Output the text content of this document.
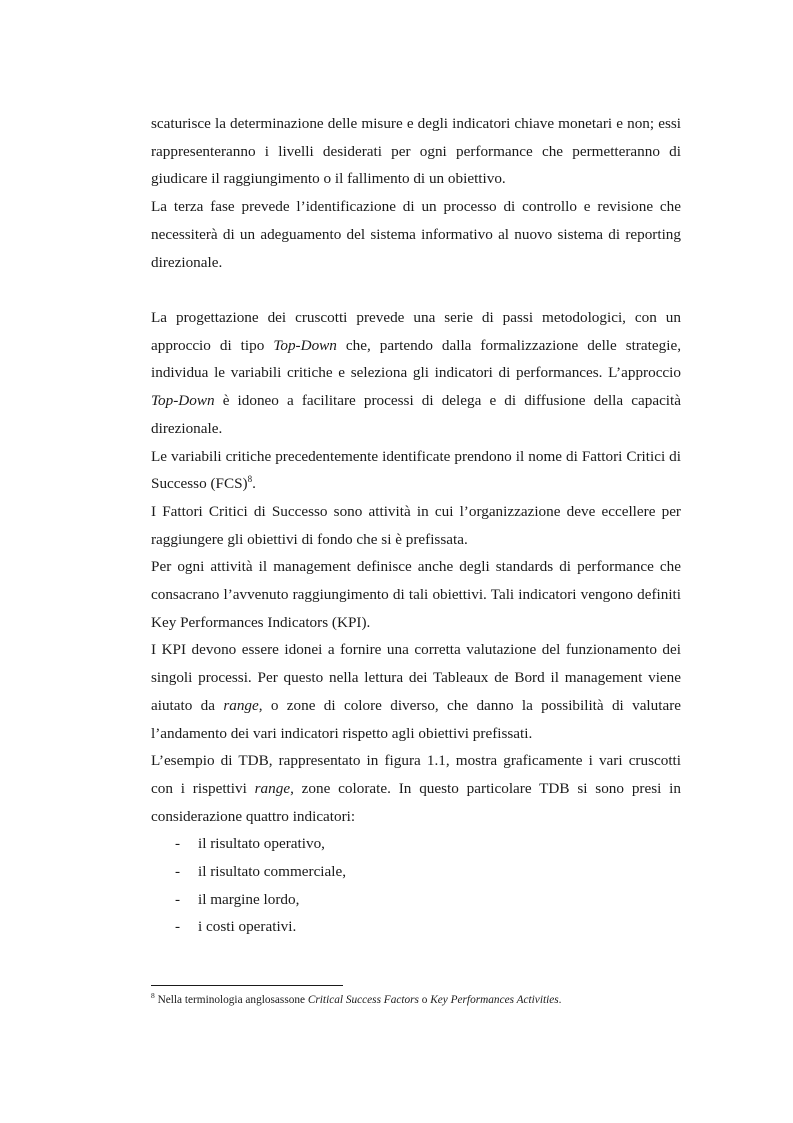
scaturisce la determinazione delle misure e degli indicatori chiave monetari e non; essi rappresenteranno i livelli desiderati per ogni performance che permetteranno di giudicare il raggiungimento o il fallimento di un obiettivo.

La terza fase prevede l’identificazione di un processo di controllo e revisione che necessiterà di un adeguamento del sistema informativo al nuovo sistema di reporting direzionale.

La progettazione dei cruscotti prevede una serie di passi metodologici, con un approccio di tipo Top-Down che, partendo dalla formalizzazione delle strategie, individua le variabili critiche e seleziona gli indicatori di performances. L’approccio Top-Down è idoneo a facilitare processi di delega e di diffusione della capacità direzionale.

Le variabili critiche precedentemente identificate prendono il nome di Fattori Critici di Successo (FCS)$^8$.

I Fattori Critici di Successo sono attività in cui l’organizzazione deve eccellere per raggiungere gli obiettivi di fondo che si è prefissata.

Per ogni attività il management definisce anche degli standards di performance che consacrano l’avvenuto raggiungimento di tali obiettivi. Tali indicatori vengono definiti Key Performances Indicators (KPI).

I KPI devono essere idonei a fornire una corretta valutazione del funzionamento dei singoli processi. Per questo nella lettura dei Tableaux de Bord il management viene aiutato da range, o zone di colore diverso, che danno la possibilità di valutare l’andamento dei vari indicatori rispetto agli obiettivi prefissati.

L’esempio di TDB, rappresentato in figura 1.1, mostra graficamente i vari cruscotti con i rispettivi range, zone colorate. In questo particolare TDB si sono presi in considerazione quattro indicatori:

- il risultato operativo,
- il risultato commerciale,
- il margine lordo,
- i costi operativi.
$^8$ Nella terminologia anglosassone Critical Success Factors o Key Performances Activities.
